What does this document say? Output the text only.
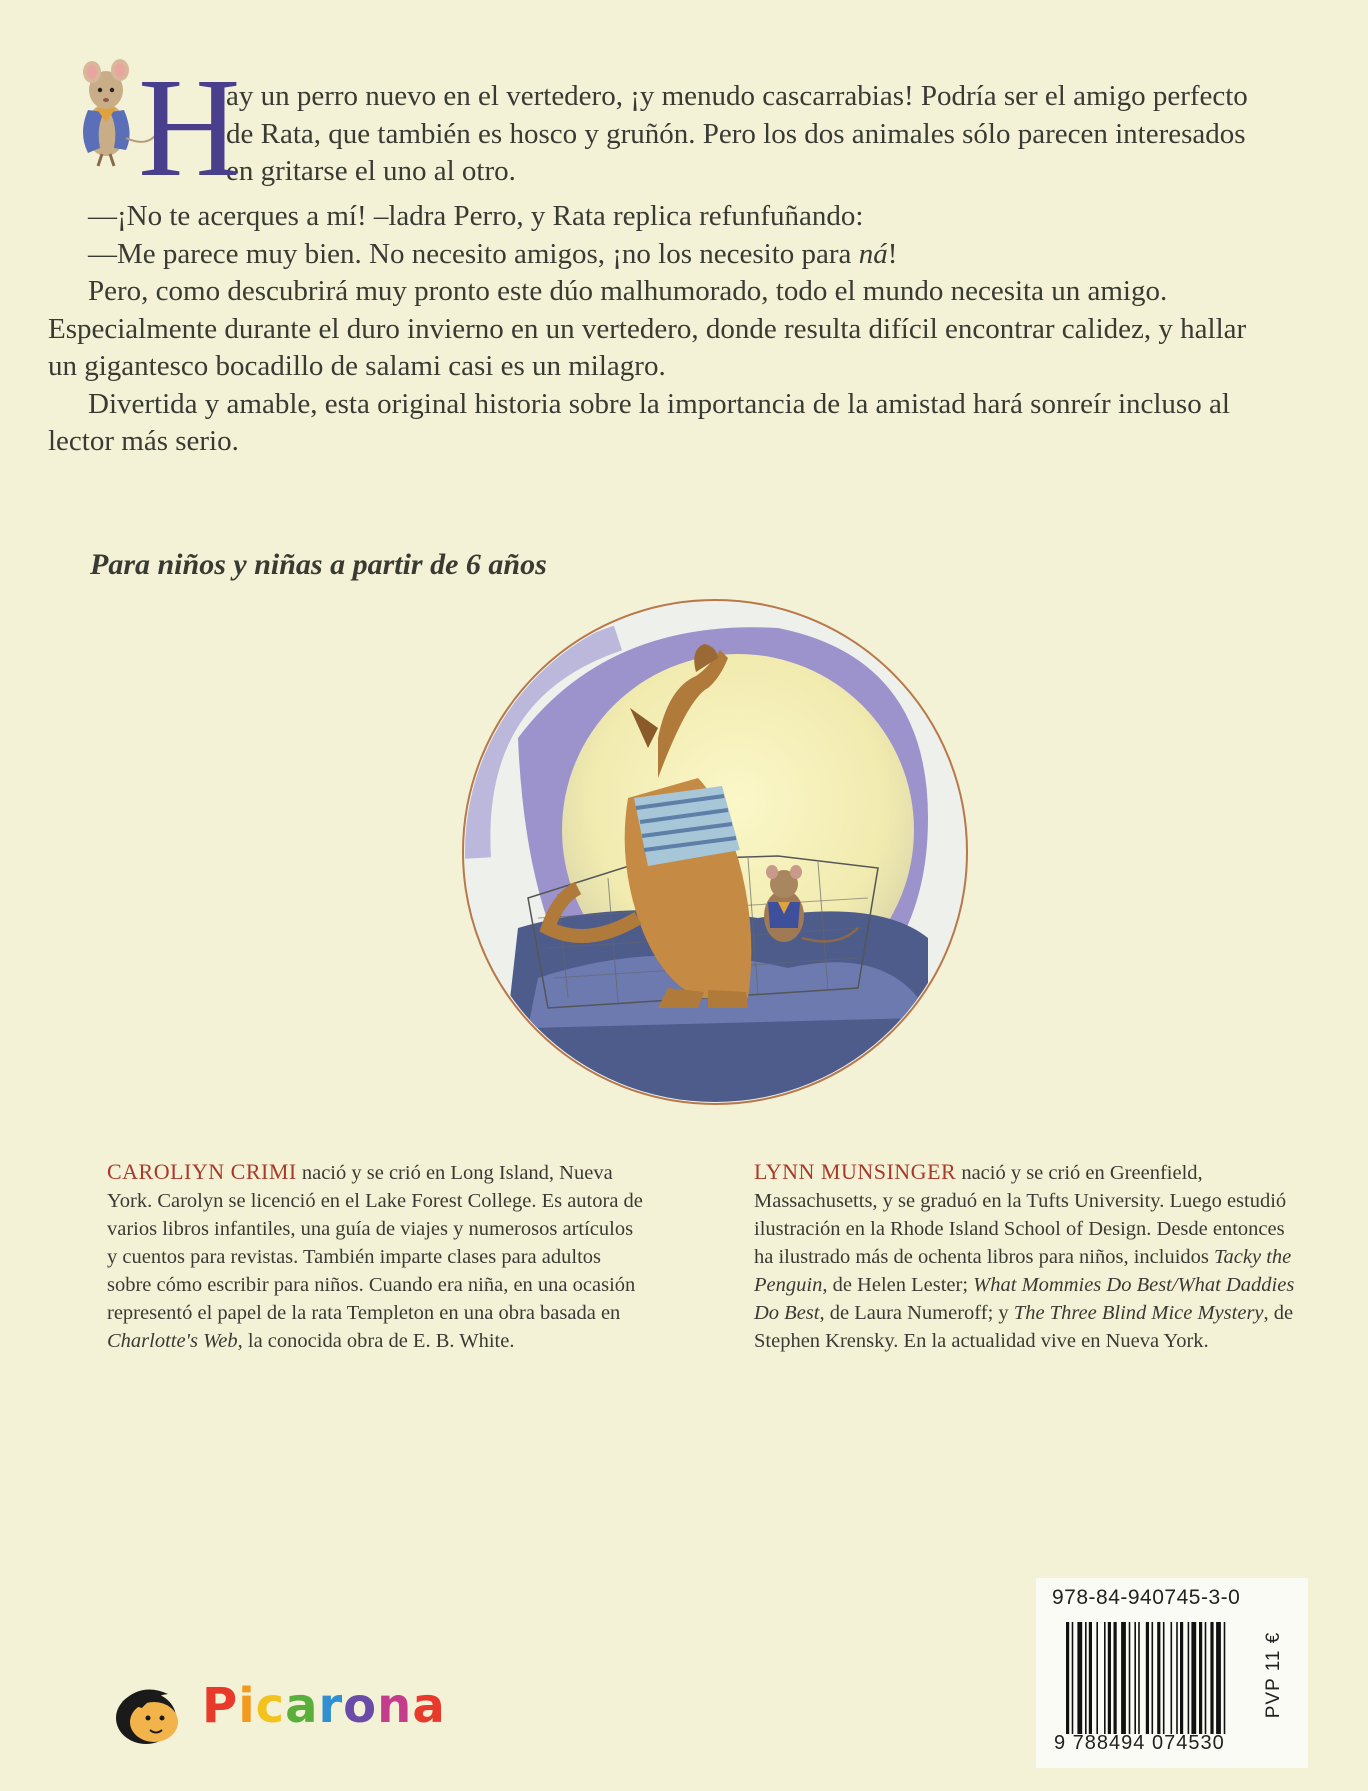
H

ay un perro nuevo en el vertedero, ¡y menudo cascarrabias! Podría ser el amigo perfecto de Rata, que también es hosco y gruñón. Pero los dos animales sólo parecen interesados en gritarse el uno al otro.

—¡No te acerques a mí! –ladra Perro, y Rata replica refunfuñando:

—Me parece muy bien. No necesito amigos, ¡no los necesito para ná!

Pero, como descubrirá muy pronto este dúo malhumorado, todo el mundo necesita un amigo. Especialmente durante el duro invierno en un vertedero, donde resulta difícil encontrar calidez, y hallar un gigantesco bocadillo de salami casi es un milagro.

Divertida y amable, esta original historia sobre la importancia de la amistad hará sonreír incluso al lector más serio.

Para niños y niñas a partir de 6 años
CAROLIYN CRIMI nació y se crió en Long Island, Nueva York. Carolyn se licenció en el Lake Forest College. Es autora de varios libros infantiles, una guía de viajes y numerosos artículos y cuentos para revistas. También imparte clases para adultos sobre cómo escribir para niños. Cuando era niña, en una ocasión representó el papel de la rata Templeton en una obra basada en Charlotte's Web, la conocida obra de E. B. White.
LYNN MUNSINGER nació y se crió en Greenfield, Massachusetts, y se graduó en la Tufts University. Luego estudió ilustración en la Rhode Island School of Design. Desde entonces ha ilustrado más de ochenta libros para niños, incluidos Tacky the Penguin, de Helen Lester; What Mommies Do Best/What Daddies Do Best, de Laura Numeroff; y The Three Blind Mice Mystery, de Stephen Krensky. En la actualidad vive en Nueva York.
978-84-940745-3-0
9 788494 074530
PVP 11 €
Picarona
